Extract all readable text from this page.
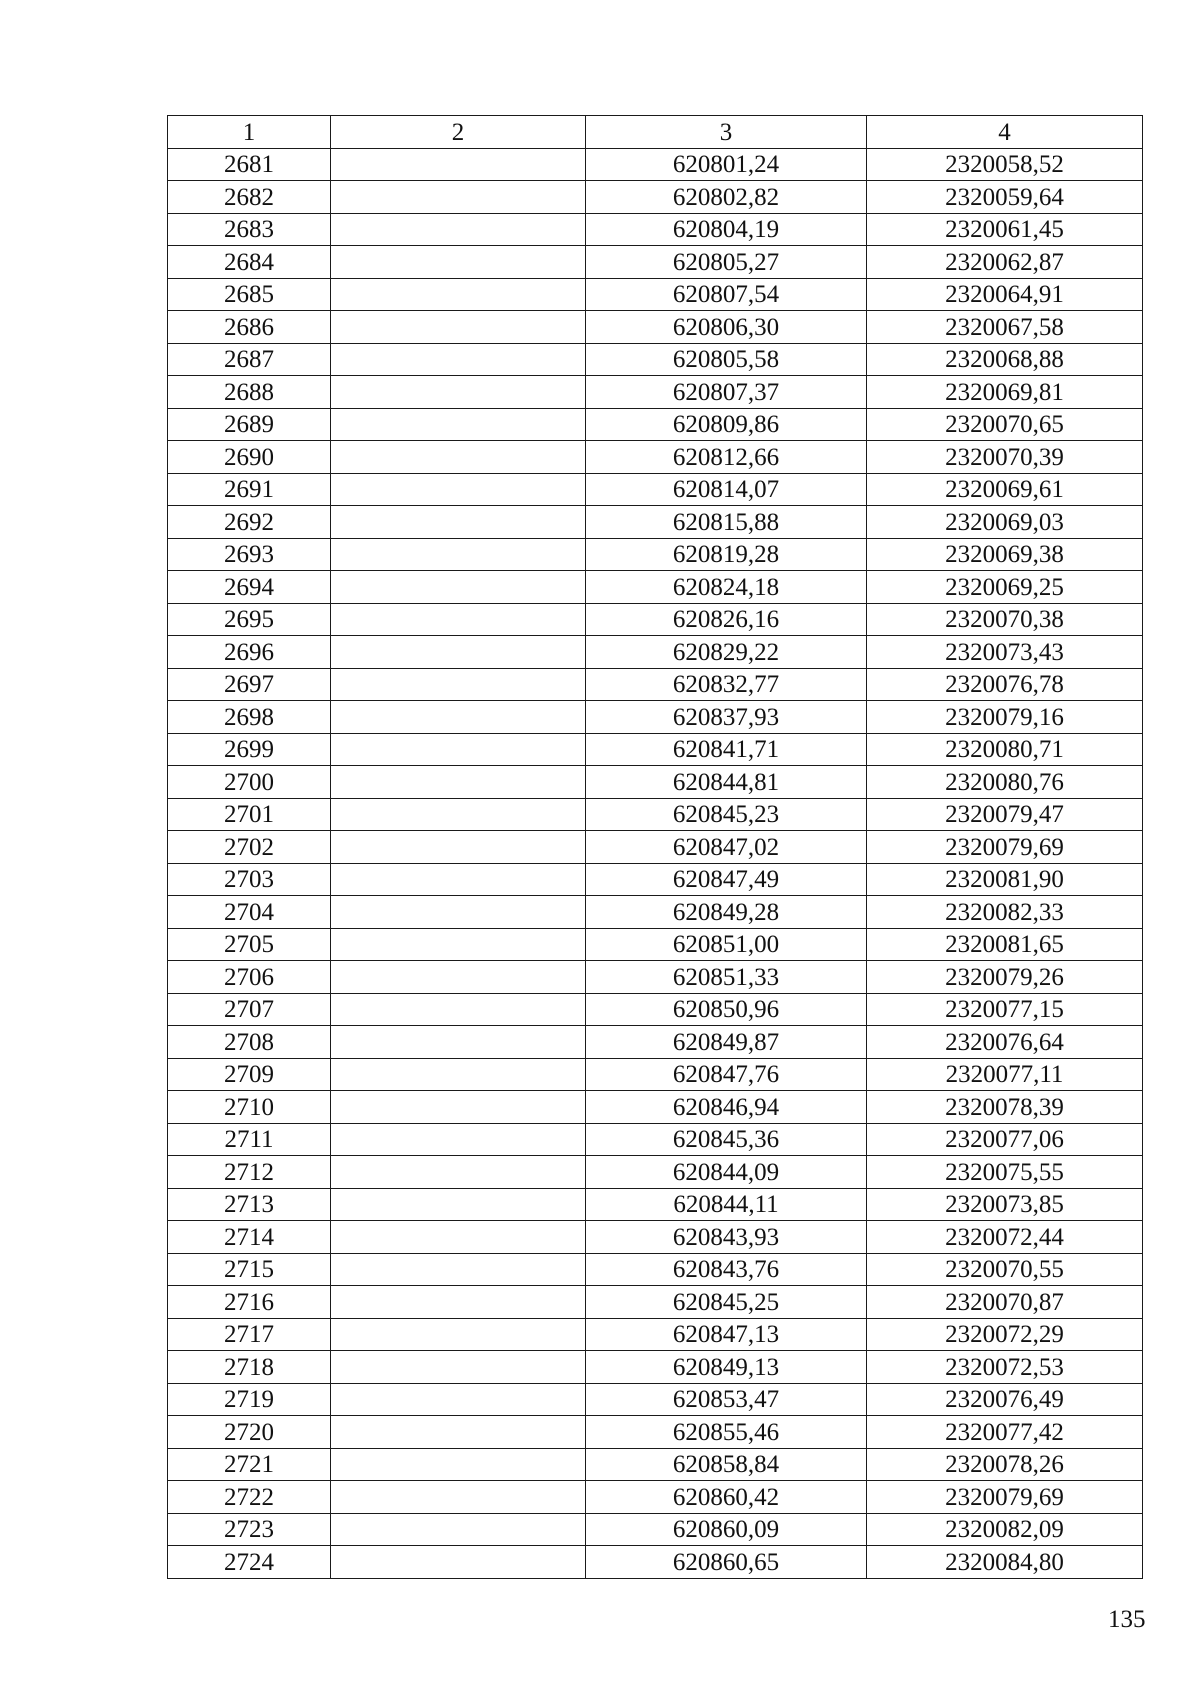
1	2	3	4
2681		620801,24	2320058,52
2682		620802,82	2320059,64
2683		620804,19	2320061,45
2684		620805,27	2320062,87
2685		620807,54	2320064,91
2686		620806,30	2320067,58
2687		620805,58	2320068,88
2688		620807,37	2320069,81
2689		620809,86	2320070,65
2690		620812,66	2320070,39
2691		620814,07	2320069,61
2692		620815,88	2320069,03
2693		620819,28	2320069,38
2694		620824,18	2320069,25
2695		620826,16	2320070,38
2696		620829,22	2320073,43
2697		620832,77	2320076,78
2698		620837,93	2320079,16
2699		620841,71	2320080,71
2700		620844,81	2320080,76
2701		620845,23	2320079,47
2702		620847,02	2320079,69
2703		620847,49	2320081,90
2704		620849,28	2320082,33
2705		620851,00	2320081,65
2706		620851,33	2320079,26
2707		620850,96	2320077,15
2708		620849,87	2320076,64
2709		620847,76	2320077,11
2710		620846,94	2320078,39
2711		620845,36	2320077,06
2712		620844,09	2320075,55
2713		620844,11	2320073,85
2714		620843,93	2320072,44
2715		620843,76	2320070,55
2716		620845,25	2320070,87
2717		620847,13	2320072,29
2718		620849,13	2320072,53
2719		620853,47	2320076,49
2720		620855,46	2320077,42
2721		620858,84	2320078,26
2722		620860,42	2320079,69
2723		620860,09	2320082,09
2724		620860,65	2320084,80
135
